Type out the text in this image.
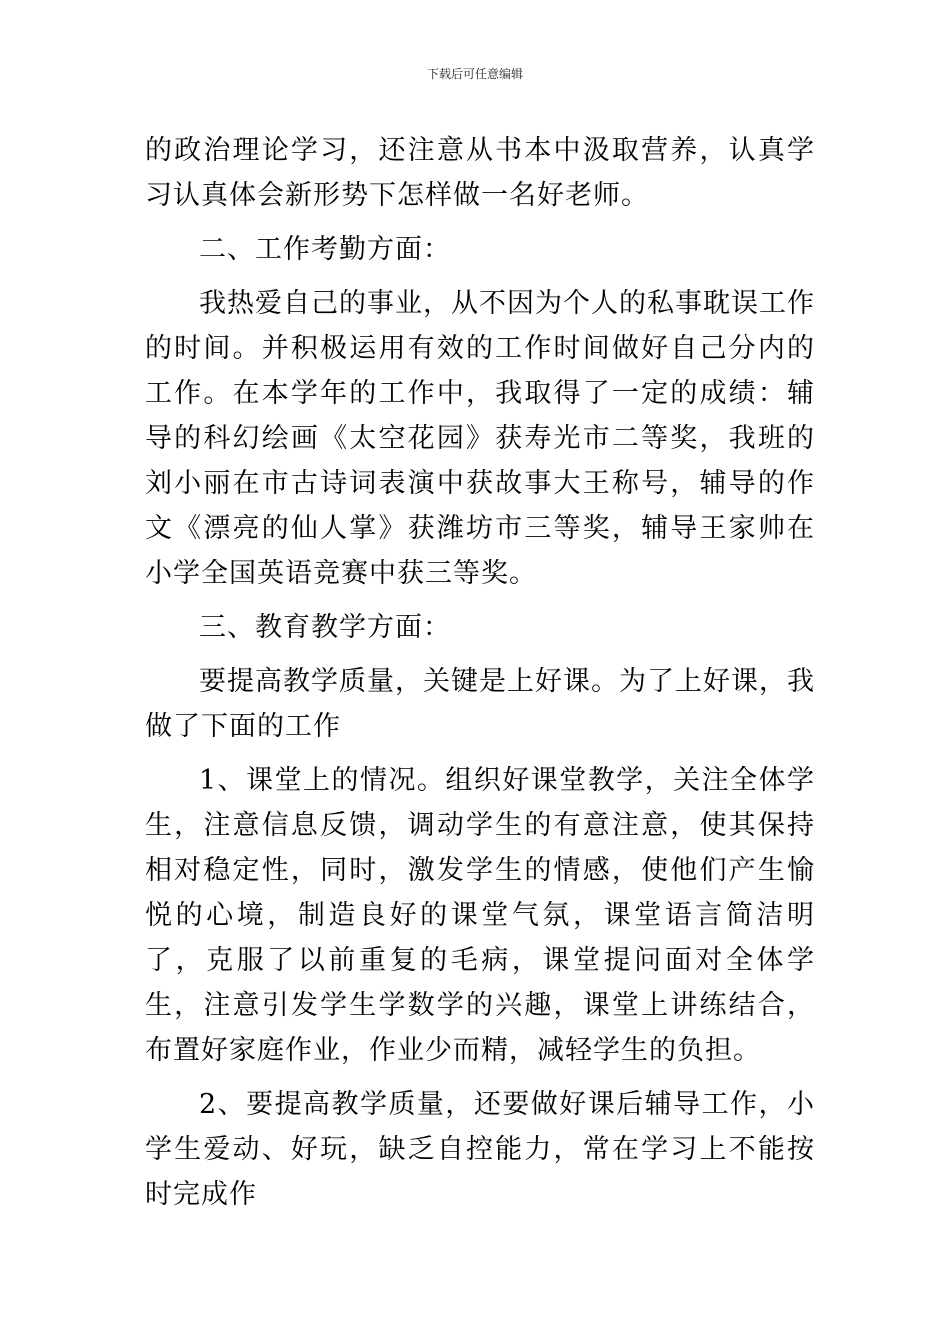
下载后可任意编辑

的政治理论学习，还注意从书本中汲取营养，认真学习认真体会新形势下怎样做一名好老师。

二、工作考勤方面：

我热爱自己的事业，从不因为个人的私事耽误工作的时间。并积极运用有效的工作时间做好自己分内的工作。在本学年的工作中，我取得了一定的成绩：辅导的科幻绘画《太空花园》获寿光市二等奖，我班的刘小丽在市古诗词表演中获故事大王称号，辅导的作文《漂亮的仙人掌》获潍坊市三等奖，辅导王家帅在小学全国英语竞赛中获三等奖。

三、教育教学方面：

要提高教学质量，关键是上好课。为了上好课，我做了下面的工作

1、课堂上的情况。组织好课堂教学，关注全体学生，注意信息反馈，调动学生的有意注意，使其保持相对稳定性，同时，激发学生的情感，使他们产生愉悦的心境，制造良好的课堂气氛，课堂语言简洁明了，克服了以前重复的毛病，课堂提问面对全体学生，注意引发学生学数学的兴趣，课堂上讲练结合，布置好家庭作业，作业少而精，减轻学生的负担。

2、要提高教学质量，还要做好课后辅导工作，小学生爱动、好玩，缺乏自控能力，常在学习上不能按时完成作
